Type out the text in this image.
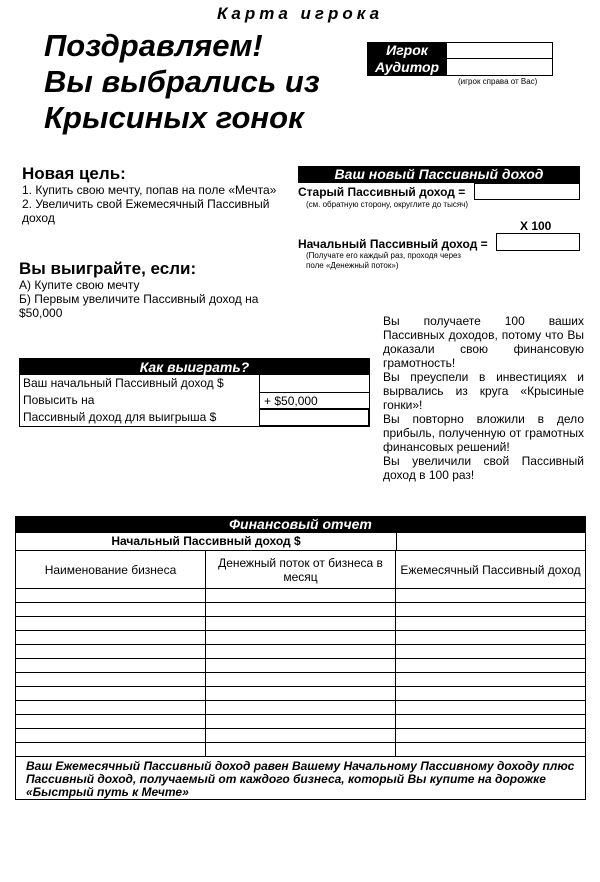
Карта игрока
Поздравляем!
Вы выбрались из
Крысиных гонок
Игрок
Аудитор
(игрок справа от Вас)
Новая цель:
1. Купить свою мечту, попав на поле «Мечта»
2. Увеличить свой Ежемесячный Пассивный доход
Вы выиграйте, если:
А) Купите свою мечту
Б) Первым увеличите Пассивный доход на $50,000
Ваш новый Пассивный доход
Старый Пассивный доход =
(см. обратную сторону, округлите до тысяч)
X 100
Начальный Пассивный доход =
(Получате его каждый раз, проходя через поле «Денежный поток»)
Как выиграть?
Ваш начальный Пассивный доход $
Повысить на	+ $50,000
Пассивный доход для выигрыша $

Вы получаете 100 ваших Пассивных доходов, потому что Вы доказали свою финансовую грамотность!

Вы преуспели в инвестициях и вырвались из круга «Крысиные гонки»!

Вы повторно вложили в дело прибыль, полученную от грамотных финансовых решений!

Вы увеличили свой Пассивный доход в 100 раз!

Финансовый отчет
Начальный Пассивный доход $
Наименование бизнеса	Денежный поток от бизнеса в месяц	Ежемесячный Пассивный доход
Ваш Ежемесячный Пассивный доход равен Вашему Начальному Пассивному доходу плюс Пассивный доход, получаемый от каждого бизнеса, который Вы купите на дорожке «Быстрый путь к Мечте»
